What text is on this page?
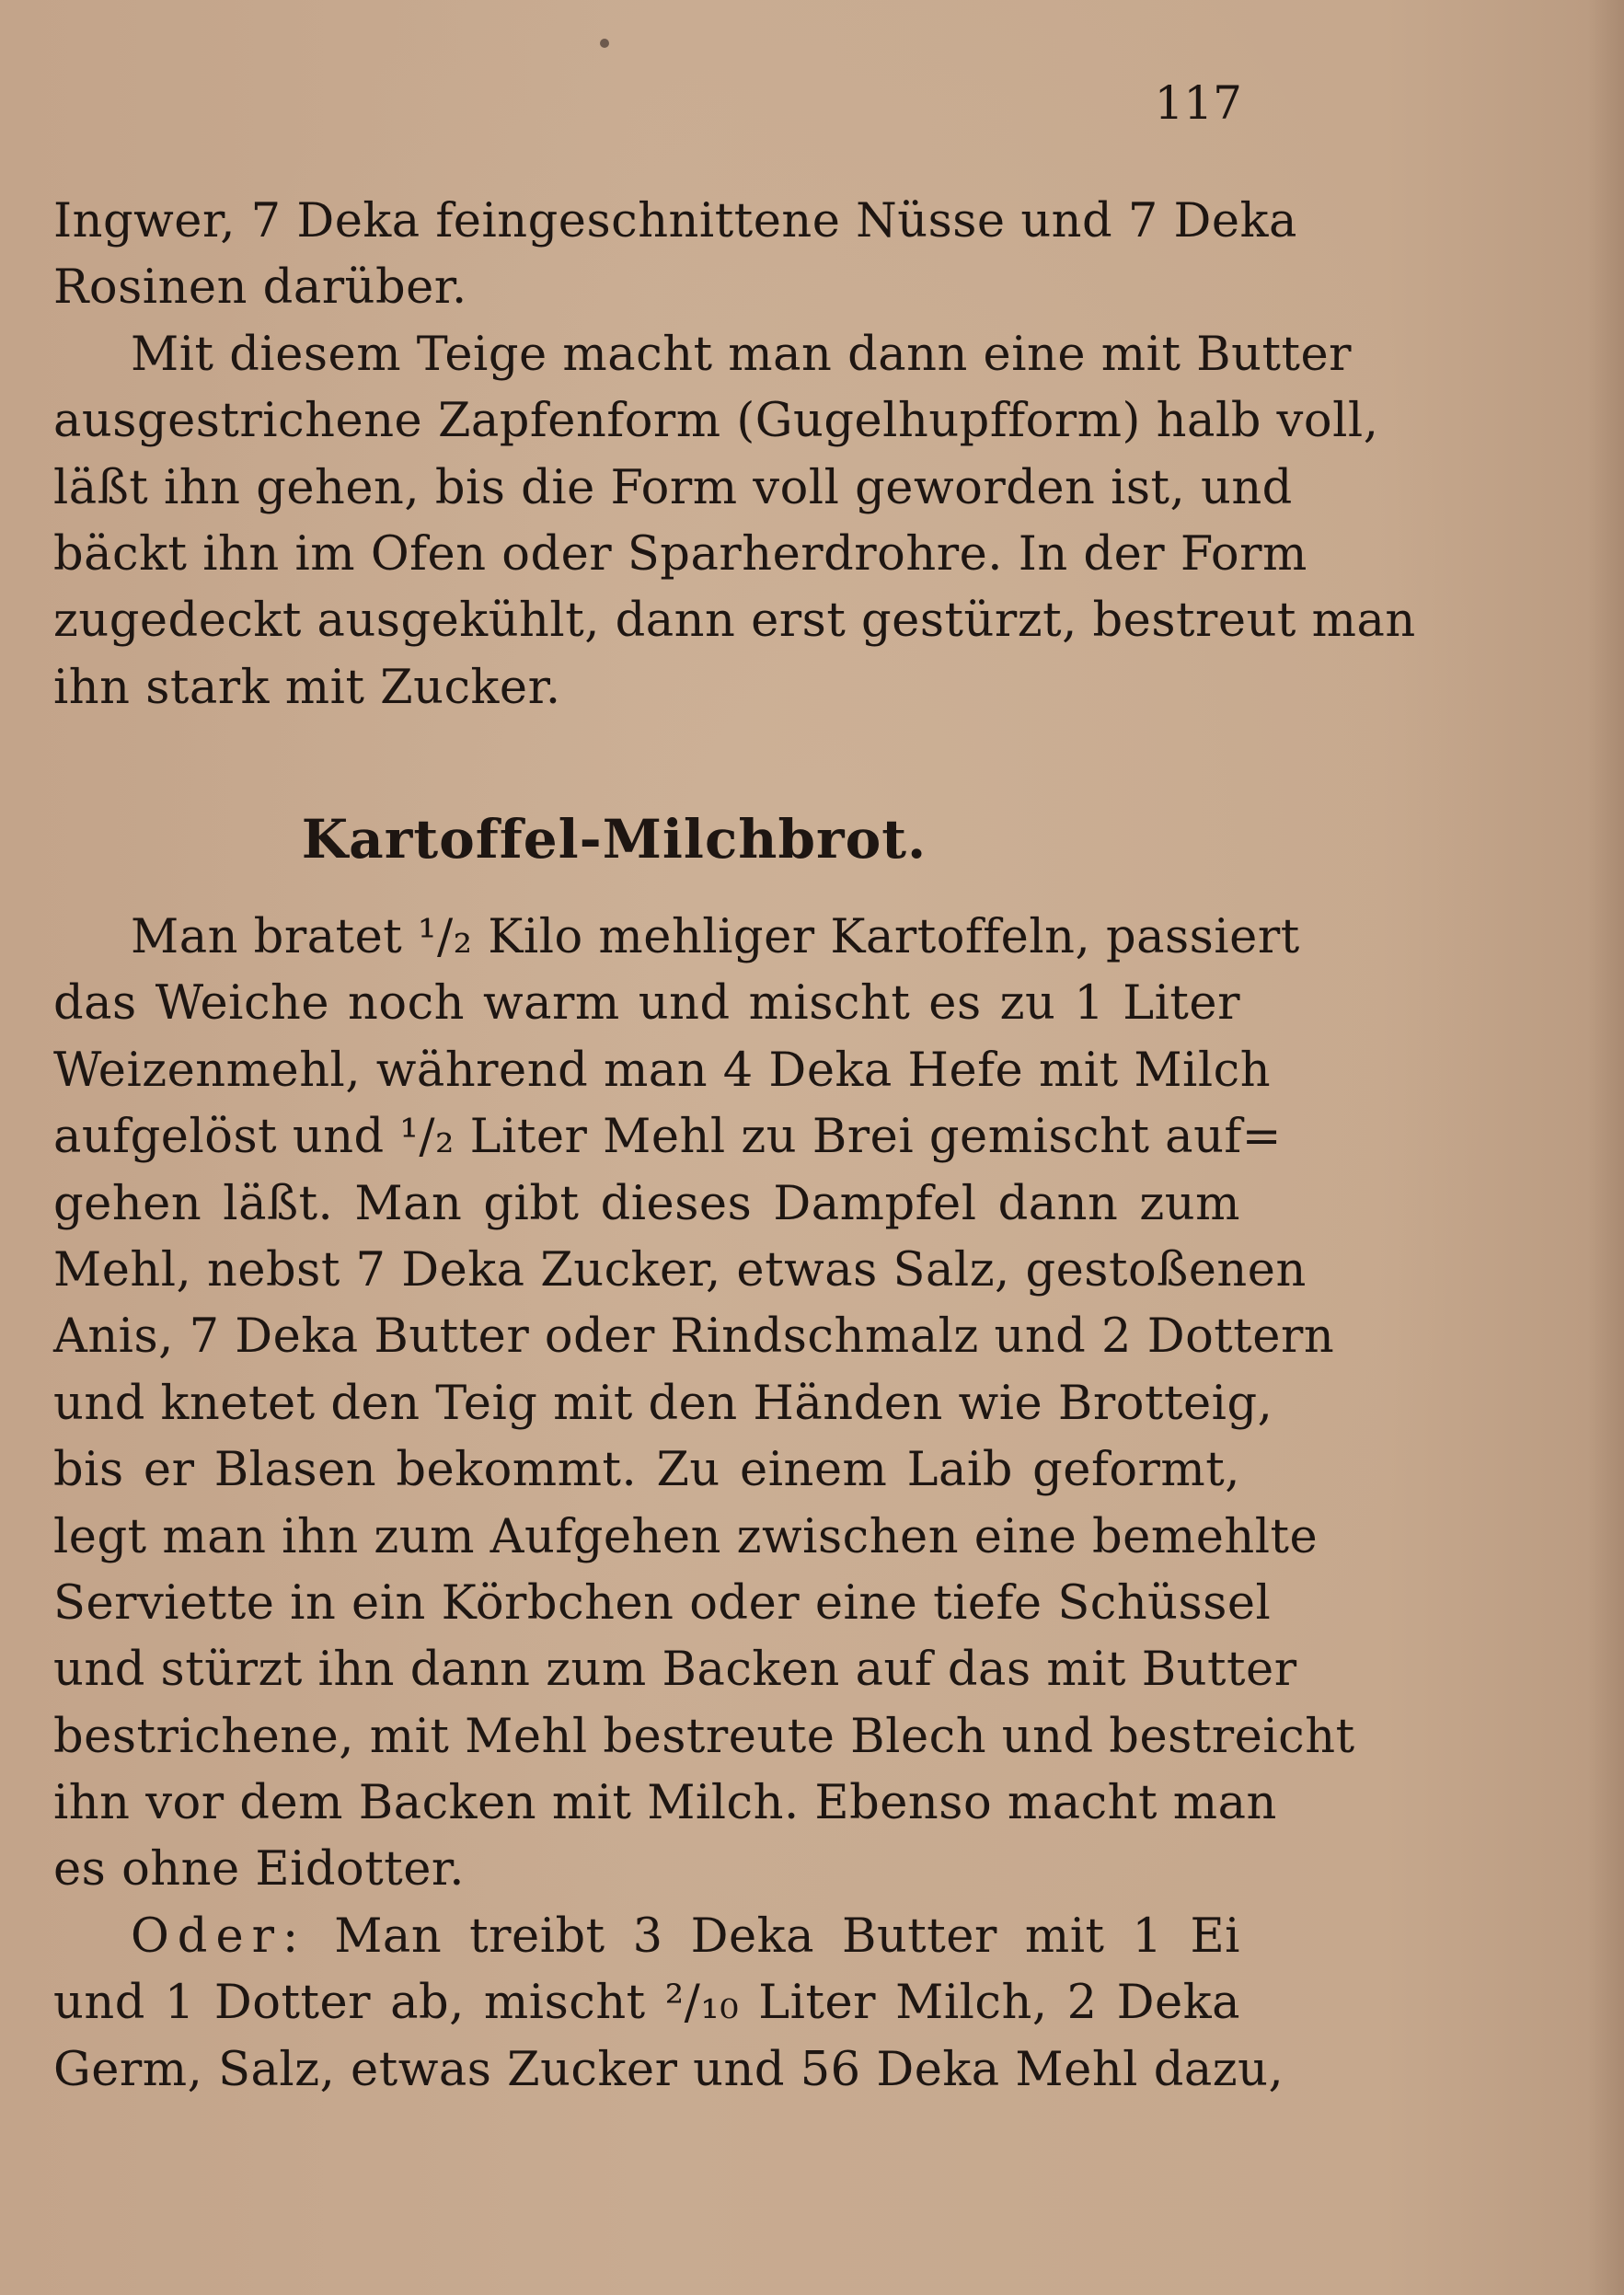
117
Ingwer, 7 Deka feingeschnittene Nüsse und 7 Deka
Rosinen darüber.
Mit diesem Teige macht man dann eine mit Butter
ausgestrichene Zapfenform (Gugelhupfform) halb voll,
läßt ihn gehen, bis die Form voll geworden ist, und
bäckt ihn im Ofen oder Sparherdrohre. In der Form
zugedeckt ausgekühlt, dann erst gestürzt, bestreut man
ihn stark mit Zucker.
Kartoffel-Milchbrot.
Man bratet ¹/₂ Kilo mehliger Kartoffeln, passiert
das Weiche noch warm und mischt es zu 1 Liter
Weizenmehl, während man 4 Deka Hefe mit Milch
aufgelöst und ¹/₂ Liter Mehl zu Brei gemischt auf=
gehen läßt. Man gibt dieses Dampfel dann zum
Mehl, nebst 7 Deka Zucker, etwas Salz, gestoßenen
Anis, 7 Deka Butter oder Rindschmalz und 2 Dottern
und knetet den Teig mit den Händen wie Brotteig,
bis er Blasen bekommt. Zu einem Laib geformt,
legt man ihn zum Aufgehen zwischen eine bemehlte
Serviette in ein Körbchen oder eine tiefe Schüssel
und stürzt ihn dann zum Backen auf das mit Butter
bestrichene, mit Mehl bestreute Blech und bestreicht
ihn vor dem Backen mit Milch. Ebenso macht man
es ohne Eidotter.
Oder: Man treibt 3 Deka Butter mit 1 Ei
und 1 Dotter ab, mischt ²/₁₀ Liter Milch, 2 Deka
Germ, Salz, etwas Zucker und 56 Deka Mehl dazu,
